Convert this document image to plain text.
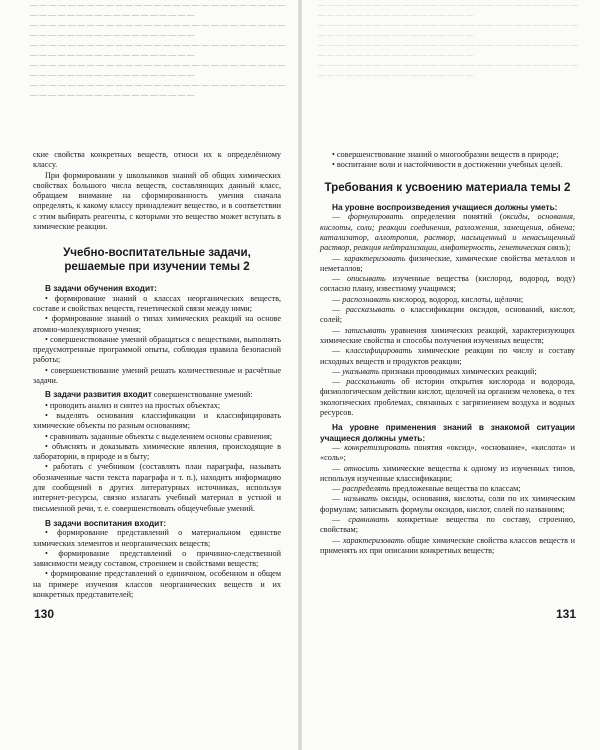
— — — — — — — — — — — — — — — — — — — — — — — — — — — — — — — — — — — — — — — — — — — — —
— — — — — — — — — — — — — — — — — — — — — — — — — — — — — — — — — — — — — — — — — — — — —
— — — — — — — — — — — — — — — — — — — — — — — — — — — — — — — — — — — — — — — — — — — — —
— — — — — — — — — — — — — — — — — — — — — — — — — — — — — — — — — — — — — — — — — — — — —
— — — — — — — — — — — — — — — — — — — — — — — — — — — — — — — — — — — — — — — — — — — — —
— — — — — — — — — — — — — — — — — — — — — — — — — — —

ские свойства конкретных веществ, относи их к определённому классу.

При формировании у школьников знаний об общих химических свойствах большого числа веществ, составляющих данный класс, обращаем внимание на сформированность умения сначала определять, к какому классу принадлежит вещество, и в соответствии с этим выбирать реагенты, с которыми это вещество может вступать в химические реакции.

Учебно-воспитательные задачи, решаемые при изучении темы 2

В задачи обучения входит:

• формирование знаний о классах неорганических веществ, составе и свойствах веществ, генетической связи между ними;

• формирование знаний о типах химических реакций на основе атомно-молекулярного учения;

• совершенствование умений обращаться с веществами, выполнять предусмотренные программой опыты, соблюдая правила безопасной работы;

• совершенствование умений решать количественные и расчётные задачи.

В задачи развития входит совершенствование умений:

• проводить анализ и синтез на простых объектах;

• выделять основания классификации и классифицировать химические объекты по разным основаниям;

• сравнивать заданные объекты с выделением основы сравнения;

• объяснять и доказывать химические явления, происходящие в лаборатории, в природе и в быту;

• работать с учебником (составлять план параграфа, называть обозначенные части текста параграфа и т. п.), находить информацию для сообщений в других литературных источниках, используя интернет-ресурсы, связно излагать учебный материал в устной и письменной речи, т. е. совершенствовать общеучебные умений.

В задачи воспитания входит:

• формирование представлений о материальном единстве химических элементов и неорганических веществ;

• формирование представлений о причинно-следственной зависимости между составом, строением и свойствами веществ;

• формирование представлений о единичном, особенном и общем на примере изучения классов неорганических веществ и их конкретных представителей;

130
— — — — — — — — — — — — — — — — — — — — — — — — — — — — — — — — — — — — — — — — — — — — —
— — — — — — — — — — — — — — — — — — — — — — — — — — — — — — — — — — — — — — — — — — — — —
— — — — — — — — — — — — — — — — — — — — — — — — — — — — — — — — — — — — — — — — — — — — —
— — — — — — — — — — — — — — — — — — — — — — — — — — — — — — — — — — — — — — — — — — — — —

• совершенствование знаний о многообразии веществ в природе;

• воспитание воли и настойчивости в достижении учебных целей.

Требования к усвоению материала темы 2

На уровне воспроизведения учащиеся должны уметь:

— формулировать определения понятий (оксиды, основания, кислоты, соли; реакции соединения, разложения, замещения, обмена; катализатор, аллотропия, раствор, насыщенный и ненасыщенный раствор, реакция нейтрализации, амфотерность, генетическая связь);

— характеризовать физические, химические свойства металлов и неметаллов;

— описывать изученные вещества (кислород, водород, воду) согласно плану, известному учащимся;

— распознавать кислород, водород, кислоты, щёлочи;

— рассказывать о классификации оксидов, оснований, кислот, солей;

— записывать уравнения химических реакций, характеризующих химические свойства и способы получения изученных веществ;

— классифицировать химические реакции по числу и составу исходных веществ и продуктов реакции;

— указывать признаки проводимых химических реакций;

— рассказывать об истории открытия кислорода и водорода, физиологическом действии кислот, щелочей на организм человека, о тех экологических проблемах, связанных с загрязнением воздуха и водных ресурсов.

На уровне применения знаний в знакомой ситуации учащиеся должны уметь:

— конкретизировать понятия «оксид», «основание», «кислота» и «соль»;

— относить химические вещества к одному из изученных типов, используя изученные классификации;

— распределять предложенные вещества по классам;

— называть оксиды, основания, кислоты, соли по их химическим формулам; записывать формулы оксидов, кислот, солей по названиям;

— сравнивать конкретные вещества по составу, строению, свойствам;

— характеризовать общие химические свойства классов веществ и применять их при описании конкретных веществ;

131
